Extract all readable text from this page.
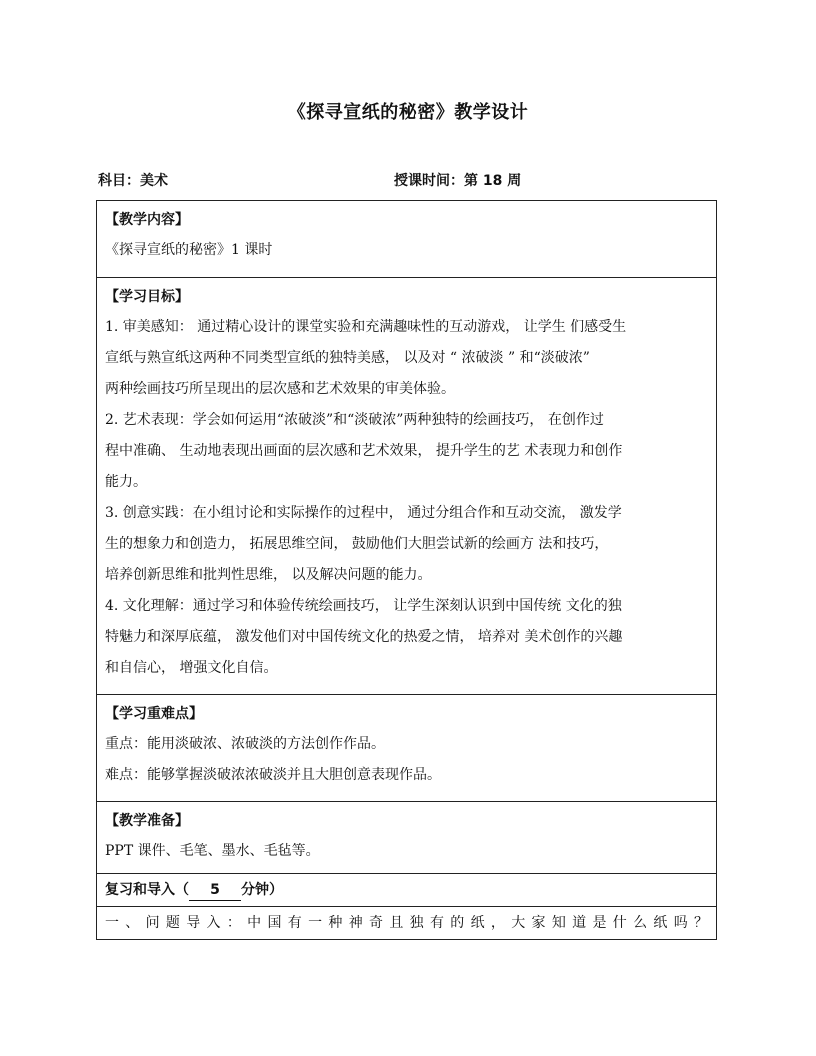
《探寻宣纸的秘密》教学设计
科目：美术	授课时间：第 18 周
【教学内容】
《探寻宣纸的秘密》1 课时

【学习目标】
1. 审美感知： 通过精心设计的课堂实验和充满趣味性的互动游戏， 让学生 们感受生
宣纸与熟宣纸这两种不同类型宣纸的独特美感， 以及对 “ 浓破淡 ” 和“淡破浓”
两种绘画技巧所呈现出的层次感和艺术效果的审美体验。
2. 艺术表现：学会如何运用“浓破淡”和“淡破浓”两种独特的绘画技巧， 在创作过
程中准确、 生动地表现出画面的层次感和艺术效果， 提升学生的艺 术表现力和创作
能力。
3. 创意实践：在小组讨论和实际操作的过程中， 通过分组合作和互动交流， 激发学
生的想象力和创造力， 拓展思维空间， 鼓励他们大胆尝试新的绘画方 法和技巧，
培养创新思维和批判性思维， 以及解决问题的能力。
4. 文化理解：通过学习和体验传统绘画技巧， 让学生深刻认识到中国传统 文化的独
特魅力和深厚底蕴， 激发他们对中国传统文化的热爱之情， 培养对 美术创作的兴趣
和自信心， 增强文化自信。

【学习重难点】
重点：能用淡破浓、浓破淡的方法创作作品。
难点：能够掌握淡破浓浓破淡并且大胆创意表现作品。

【教学准备】
PPT 课件、毛笔、墨水、毛毡等。

复习和导入（ 5 分钟）

一、问题导入：中国有一种神奇且独有的纸，大家知道是什么纸吗？
